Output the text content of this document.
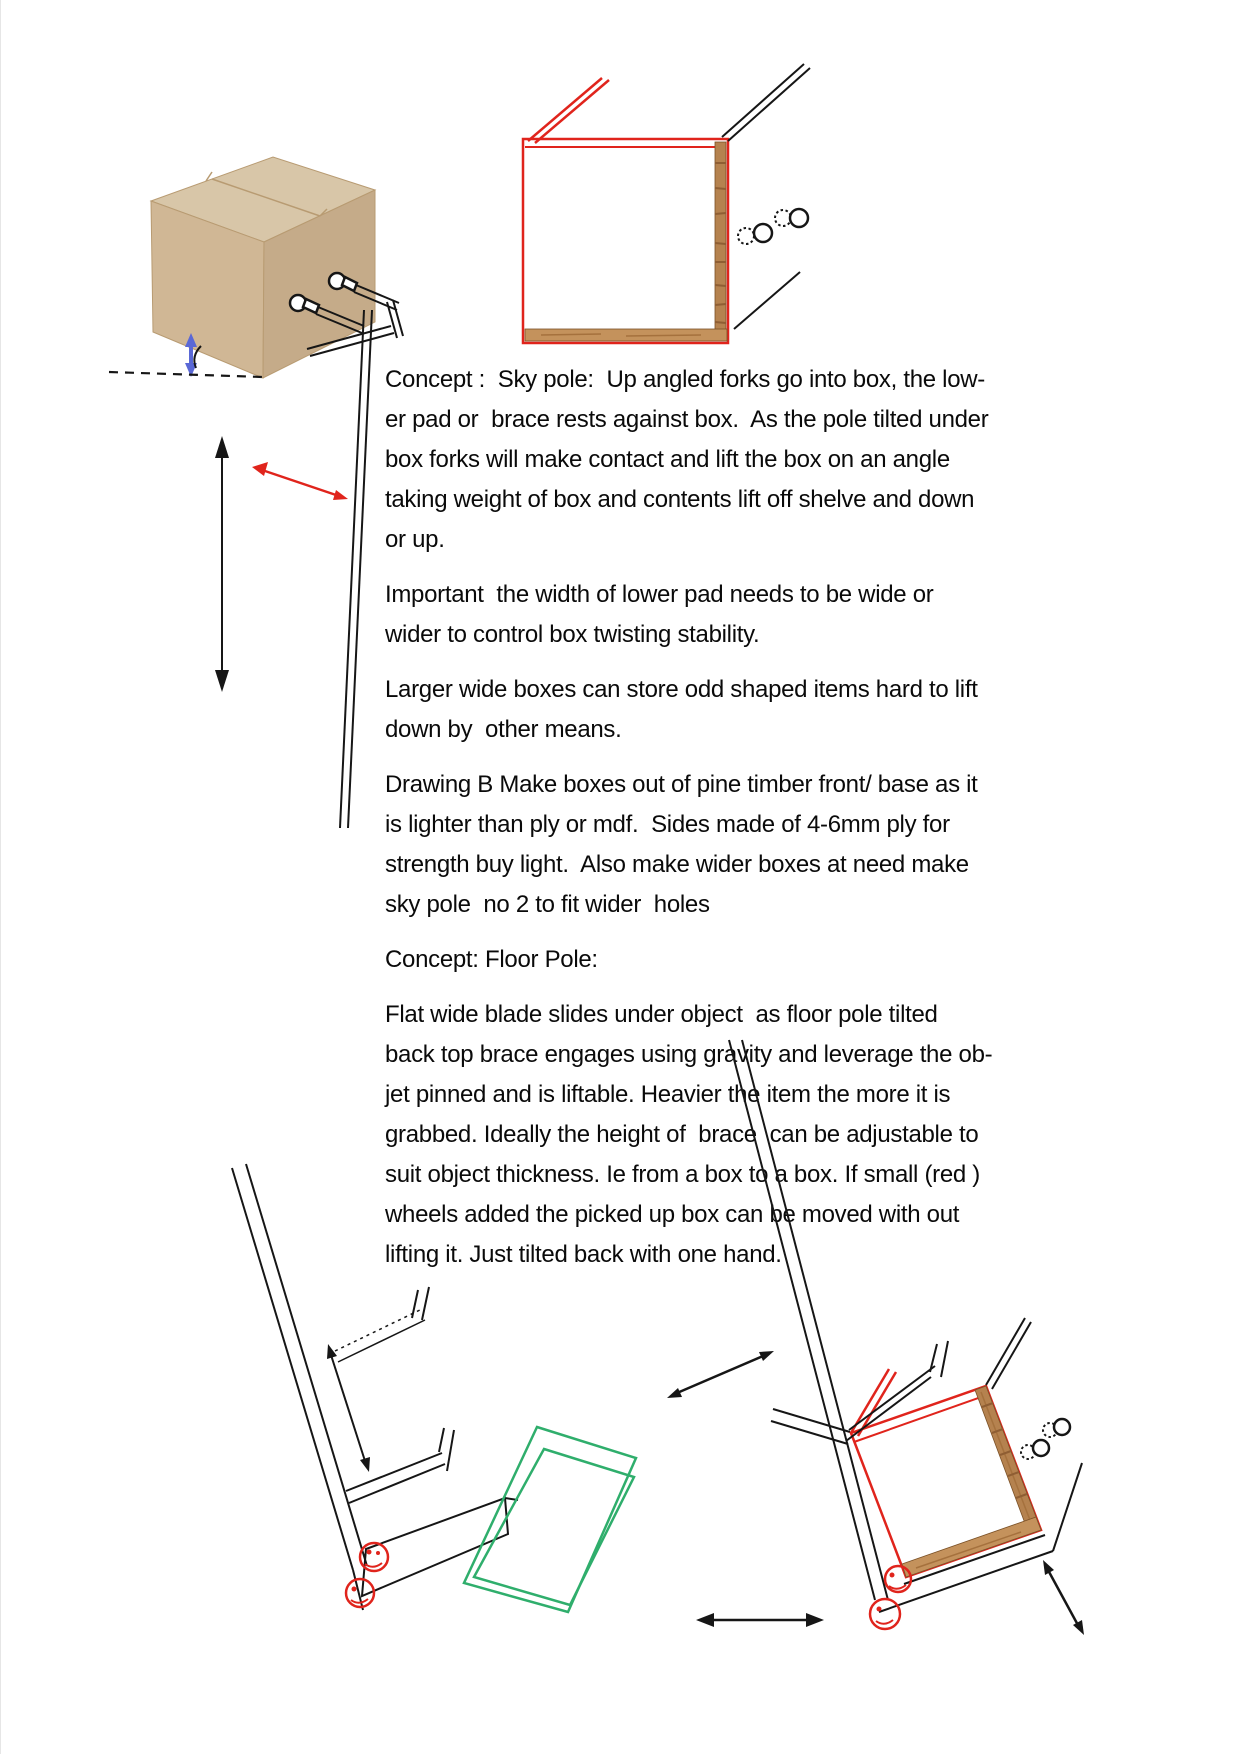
Concept :  Sky pole:  Up angled forks go into box, the low-
er pad or  brace rests against box.  As the pole tilted under
box forks will make contact and lift the box on an angle
taking weight of box and contents lift off shelve and down
or up.
Important  the width of lower pad needs to be wide or
wider to control box twisting stability.
Larger wide boxes can store odd shaped items hard to lift
down by  other means.
Drawing B Make boxes out of pine timber front/ base as it
is lighter than ply or mdf.  Sides made of 4-6mm ply for
strength buy light.  Also make wider boxes at need make
sky pole  no 2 to fit wider  holes
Concept: Floor Pole:
Flat wide blade slides under object  as floor pole tilted
back top brace engages using gravity and leverage the ob-
jet pinned and is liftable. Heavier the item the more it is
grabbed. Ideally the height of  brace  can be adjustable to
suit object thickness. Ie from a box to a box. If small (red )
wheels added the picked up box can be moved with out
lifting it. Just tilted back with one hand.
